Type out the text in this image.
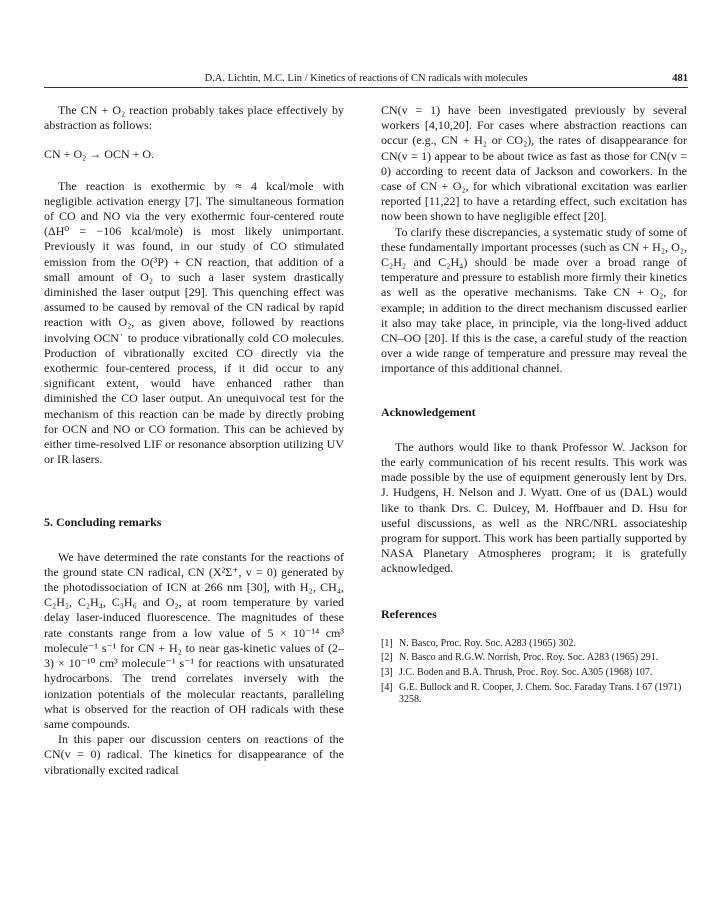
D.A. Lichtin, M.C. Lin / Kinetics of reactions of CN radicals with molecules	481

The CN + O₂ reaction probably takes place effectively by abstraction as follows:

CN + O₂ → OCN + O.

The reaction is exothermic by ≈ 4 kcal/mole with negligible activation energy [7]. The simultaneous formation of CO and NO via the very exothermic four-centered route (ΔH⁰ = −106 kcal/mole) is most likely unimportant. Previously it was found, in our study of CO stimulated emission from the O(³P) + CN reaction, that addition of a small amount of O₂ to such a laser system drastically diminished the laser output [29]. This quenching effect was assumed to be caused by removal of the CN radical by rapid reaction with O₂, as given above, followed by reactions involving OCN˙ to produce vibrationally cold CO molecules. Production of vibrationally excited CO directly via the exothermic four-centered process, if it did occur to any significant extent, would have enhanced rather than diminished the CO laser output. An unequivocal test for the mechanism of this reaction can be made by directly probing for OCN and NO or CO formation. This can be achieved by either time-resolved LIF or resonance absorption utilizing UV or IR lasers.

5. Concluding remarks

We have determined the rate constants for the reactions of the ground state CN radical, CN (X²Σ⁺, v = 0) generated by the photodissociation of ICN at 266 nm [30], with H₂, CH₄, C₂H₂, C₂H₄, C₃H₆ and O₂, at room temperature by varied delay laser-induced fluorescence. The magnitudes of these rate constants range from a low value of 5 × 10⁻¹⁴ cm³ molecule⁻¹ s⁻¹ for CN + H₂ to near gas-kinetic values of (2–3) × 10⁻¹⁰ cm³ molecule⁻¹ s⁻¹ for reactions with unsaturated hydrocarbons. The trend correlates inversely with the ionization potentials of the molecular reactants, paralleling what is observed for the reaction of OH radicals with these same compounds.

In this paper our discussion centers on reactions of the CN(v = 0) radical. The kinetics for disappearance of the vibrationally excited radical

CN(v = 1) have been investigated previously by several workers [4,10,20]. For cases where abstraction reactions can occur (e.g., CN + H₂ or CO₂), the rates of disappearance for CN(v = 1) appear to be about twice as fast as those for CN(v = 0) according to recent data of Jackson and coworkers. In the case of CN + O₂, for which vibrational excitation was earlier reported [11,22] to have a retarding effect, such excitation has now been shown to have negligible effect [20].

To clarify these discrepancies, a systematic study of some of these fundamentally important processes (such as CN + H₂, O₂, C₂H₂ and C₂H₄) should be made over a broad range of temperature and pressure to establish more firmly their kinetics as well as the operative mechanisms. Take CN + O₂, for example; in addition to the direct mechanism discussed earlier it also may take place, in principle, via the long-lived adduct CN–OO [20]. If this is the case, a careful study of the reaction over a wide range of temperature and pressure may reveal the importance of this additional channel.

Acknowledgement

The authors would like to thank Professor W. Jackson for the early communication of his recent results. This work was made possible by the use of equipment generously lent by Drs. J. Hudgens, H. Nelson and J. Wyatt. One of us (DAL) would like to thank Drs. C. Dulcey, M. Hoffbauer and D. Hsu for useful discussions, as well as the NRC/NRL associateship program for support. This work has been partially supported by NASA Planetary Atmospheres program; it is gratefully acknowledged.

References
[1] N. Basco, Proc. Roy. Soc. A283 (1965) 302.
[2] N. Basco and R.G.W. Norrish, Proc. Roy. Soc. A283 (1965) 291.
[3] J.C. Boden and B.A. Thrush, Proc. Roy. Soc. A305 (1968) 107.
[4] G.E. Bullock and R. Cooper, J. Chem. Soc. Faraday Trans. I 67 (1971) 3258.
